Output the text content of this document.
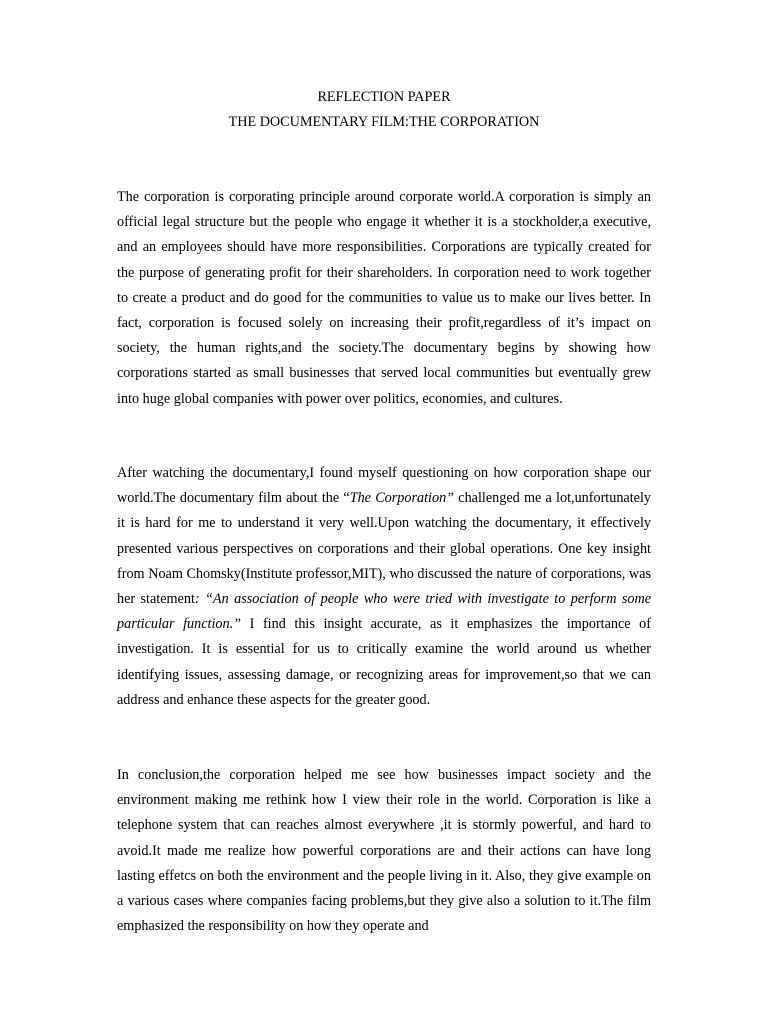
REFLECTION PAPER
THE DOCUMENTARY FILM:THE CORPORATION

The corporation is corporating principle around corporate world.A corporation is simply an official legal structure but the people who engage it whether it is a stockholder,a executive, and an employees should have more responsibilities. Corporations are typically created for the purpose of generating profit for their shareholders. In corporation need to work together to create a product and do good for the communities to value us to make our lives better. In fact, corporation is focused solely on increasing their profit,regardless of it’s impact on society, the human rights,and the society.The documentary begins by showing how corporations started as small businesses that served local communities but eventually grew into huge global companies with power over politics, economies, and cultures.

After watching the documentary,I found myself questioning on how corporation shape our world.The documentary film about the “The Corporation” challenged me a lot,unfortunately it is hard for me to understand it very well.Upon watching the documentary, it effectively presented various perspectives on corporations and their global operations. One key insight from Noam Chomsky(Institute professor,MIT), who discussed the nature of corporations, was her statement: “An association of people who were tried with investigate to perform some particular function.” I find this insight accurate, as it emphasizes the importance of investigation. It is essential for us to critically examine the world around us whether identifying issues, assessing damage, or recognizing areas for improvement,so that we can address and enhance these aspects for the greater good.

In conclusion,the corporation helped me see how businesses impact society and the environment making me rethink how I view their role in the world. Corporation is like a telephone system that can reaches almost everywhere ,it is stormly powerful, and hard to avoid.It made me realize how powerful corporations are and their actions can have long lasting effetcs on both the environment and the people living in it. Also, they give example on a various cases where companies facing problems,but they give also a solution to it.The film emphasized the responsibility on how they operate and
